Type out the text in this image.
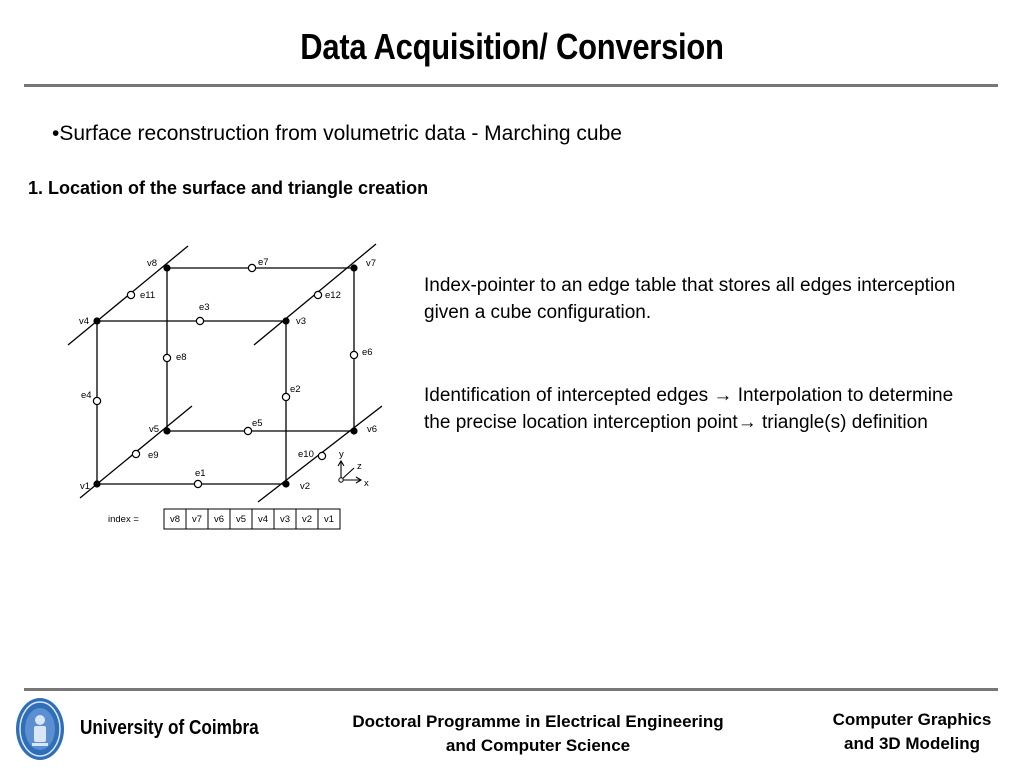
Data Acquisition/ Conversion
•Surface reconstruction from volumetric data - Marching cube
1. Location of the surface and triangle creation
v1	v2
v3
v4
v5	v6
v7
v8
e1
e2
e3
e4
e5
e6
e7
e8
e9	e10
e11	e12
y
z
x
index =	v8 v7 v6 v5 v4 v3 v2 v1
Index-pointer to an edge table that stores all edges interception given a cube configuration.
Identification of intercepted edges → Interpolation to determine the precise location interception point→ triangle(s) definition
University of Coimbra	Doctoral Programme in Electrical Engineering
and Computer Science
Computer Graphics
and 3D Modeling
